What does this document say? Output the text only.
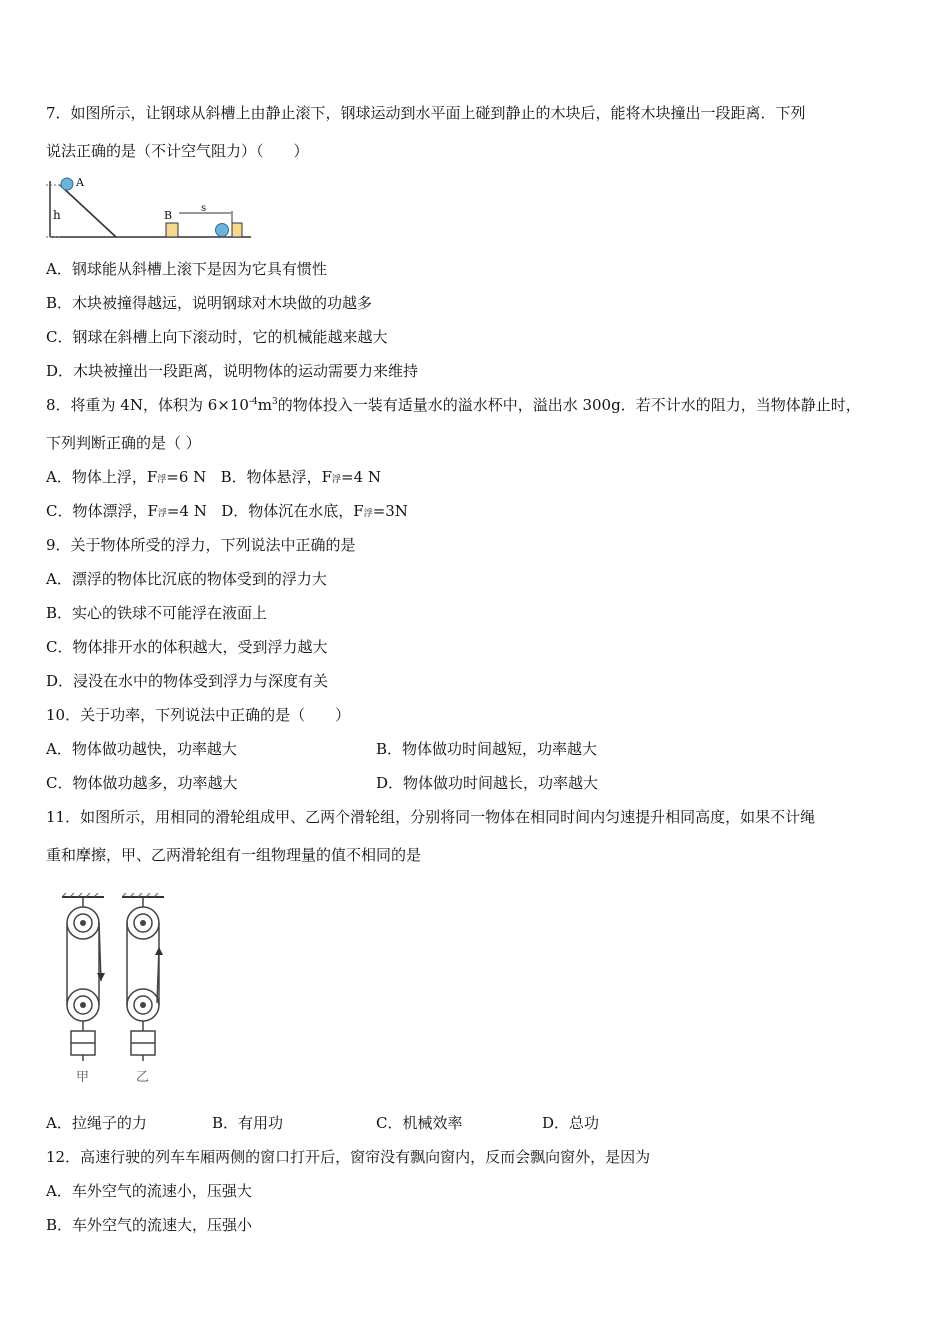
7．如图所示，让钢球从斜槽上由静止滚下，钢球运动到水平面上碰到静止的木块后，能将木块撞出一段距离．下列
说法正确的是（不计空气阻力）（　　）
A
h	B
s
A．钢球能从斜槽上滚下是因为它具有惯性
B．木块被撞得越远，说明钢球对木块做的功越多
C．钢球在斜槽上向下滚动时，它的机械能越来越大
D．木块被撞出一段距离，说明物体的运动需要力来维持
8．将重为 4N，体积为 $6\times 10^{-4}m^3$的物体投入一装有适量水的溢水杯中，溢出水 300g．若不计水的阻力，当物体静止时，
下列判断正确的是（ ）
A．物体上浮，F浮=6 N B．物体悬浮，F浮=4 N
C．物体漂浮，F浮=4 N D．物体沉在水底，F浮=3N
9．关于物体所受的浮力，下列说法中正确的是
A．漂浮的物体比沉底的物体受到的浮力大
B．实心的铁球不可能浮在液面上
C．物体排开水的体积越大，受到浮力越大
D．浸没在水中的物体受到浮力与深度有关
10．关于功率，下列说法中正确的是（　　）
A．物体做功越快，功率越大	B．物体做功时间越短，功率越大
C．物体做功越多，功率越大	D．物体做功时间越长，功率越大
11．如图所示，用相同的滑轮组成甲、乙两个滑轮组，分别将同一物体在相同时间内匀速提升相同高度，如果不计绳
重和摩擦，甲、乙两滑轮组有一组物理量的值不相同的是
甲	乙
A．拉绳子的力	B．有用功	C．机械效率	D．总功
12．高速行驶的列车车厢两侧的窗口打开后，窗帘没有飘向窗内，反而会飘向窗外，是因为
A．车外空气的流速小，压强大
B．车外空气的流速大，压强小
